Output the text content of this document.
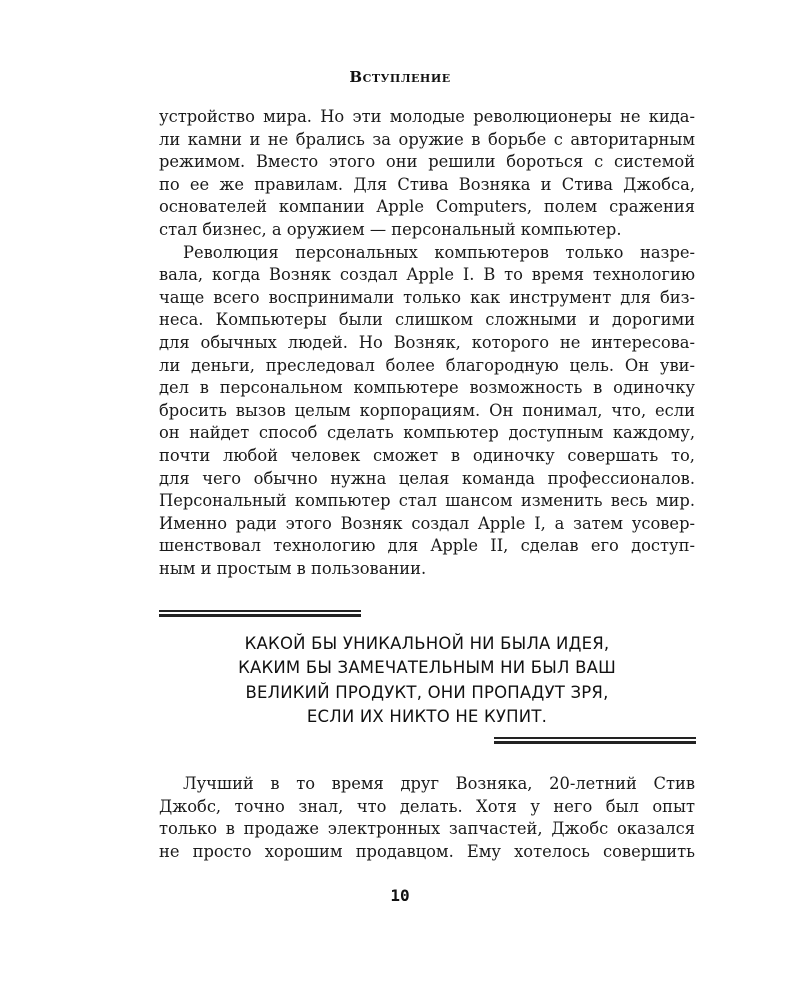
Вступление
устройство мира. Но эти молодые революционеры не кида-
ли камни и не брались за оружие в борьбе с авторитарным
режимом. Вместо этого они решили бороться с системой
по ее же правилам. Для Стива Возняка и Стива Джобса,
основателей компании Apple Computers, полем сражения
стал бизнес, а оружием — персональный компьютер.
Революция персональных компьютеров только назре-
вала, когда Возняк создал Apple I. В то время технологию
чаще всего воспринимали только как инструмент для биз-
неса. Компьютеры были слишком сложными и дорогими
для обычных людей. Но Возняк, которого не интересова-
ли деньги, преследовал более благородную цель. Он уви-
дел в персональном компьютере возможность в одиночку
бросить вызов целым корпорациям. Он понимал, что, если
он найдет способ сделать компьютер доступным каждому,
почти любой человек сможет в одиночку совершать то,
для чего обычно нужна целая команда профессионалов.
Персональный компьютер стал шансом изменить весь мир.
Именно ради этого Возняк создал Apple I, а затем усовер-
шенствовал технологию для Apple II, сделав его доступ-
ным и простым в пользовании.
КАКОЙ БЫ УНИКАЛЬНОЙ НИ БЫЛА ИДЕЯ,
КАКИМ БЫ ЗАМЕЧАТЕЛЬНЫМ НИ БЫЛ ВАШ
ВЕЛИКИЙ ПРОДУКТ, ОНИ ПРОПАДУТ ЗРЯ,
ЕСЛИ ИХ НИКТО НЕ КУПИТ.
Лучший в то время друг Возняка, 20-летний Стив
Джобс, точно знал, что делать. Хотя у него был опыт
только в продаже электронных запчастей, Джобс оказался
не просто хорошим продавцом. Ему хотелось совершить
10
